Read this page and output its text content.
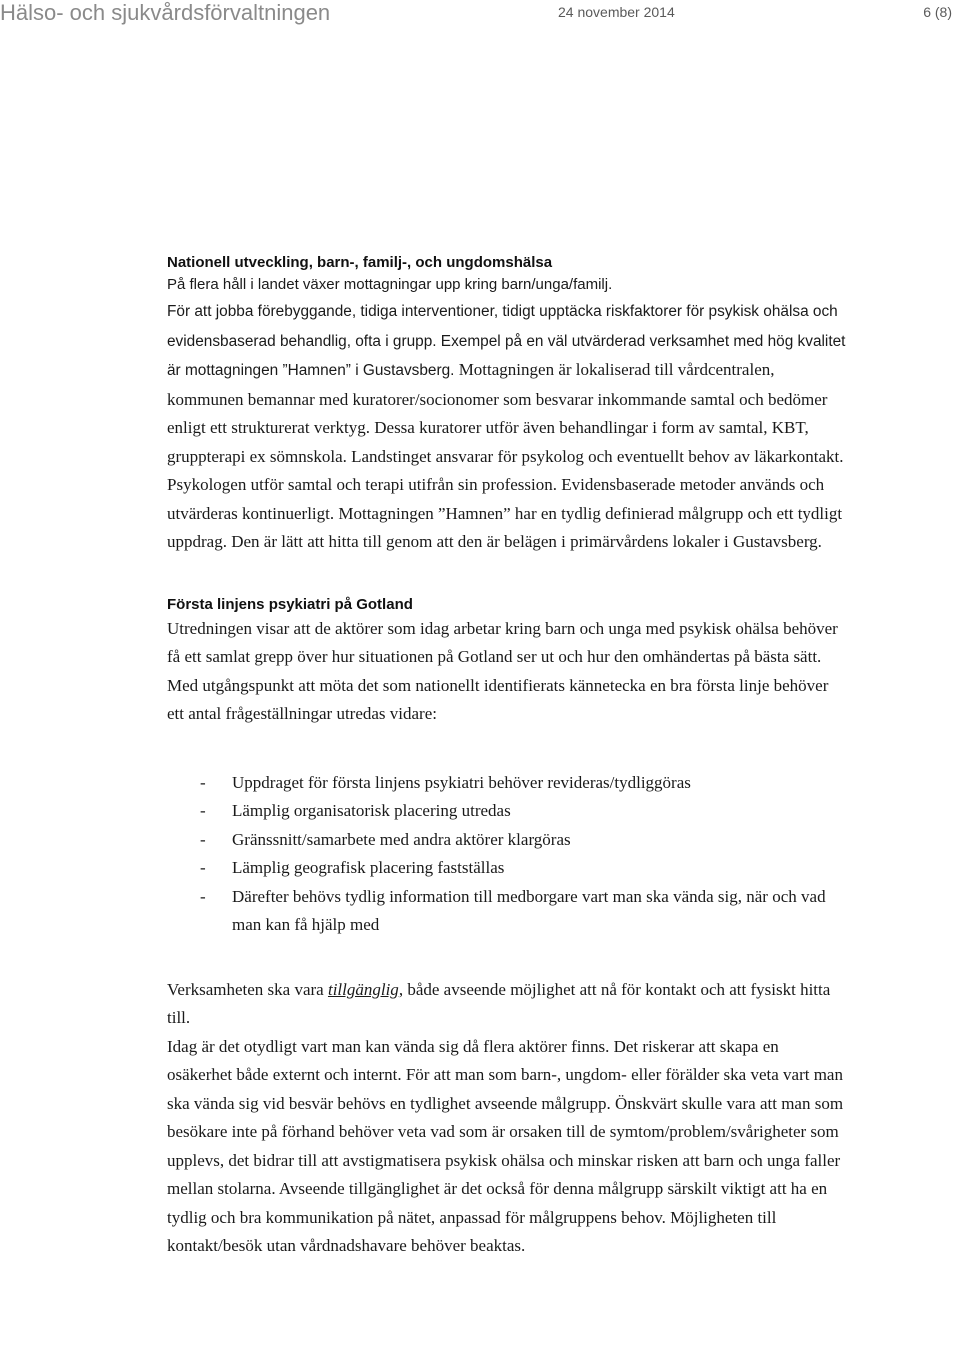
Hälso- och sjukvårdsförvaltningen	24 november 2014	6 (8)
Nationell utveckling, barn-, familj-, och ungdomshälsa

På flera håll i landet växer mottagningar upp kring barn/unga/familj.
För att jobba förebyggande, tidiga interventioner, tidigt upptäcka riskfaktorer för psykisk ohälsa och evidensbaserad behandlig, ofta i grupp. Exempel på en väl utvärderad verksamhet med hög kvalitet är mottagningen ”Hamnen” i Gustavsberg. Mottagningen är lokaliserad till vårdcentralen, kommunen bemannar med kuratorer/socionomer som besvarar inkommande samtal och bedömer enligt ett strukturerat verktyg. Dessa kuratorer utför även behandlingar i form av samtal, KBT, gruppterapi ex sömnskola. Landstinget ansvarar för psykolog och eventuellt behov av läkarkontakt. Psykologen utför samtal och terapi utifrån sin profession. Evidensbaserade metoder används och utvärderas kontinuerligt. Mottagningen ”Hamnen” har en tydlig definierad målgrupp och ett tydligt uppdrag. Den är lätt att hitta till genom att den är belägen i primärvårdens lokaler i Gustavsberg.

Första linjens psykiatri på Gotland

Utredningen visar att de aktörer som idag arbetar kring barn och unga med psykisk ohälsa behöver få ett samlat grepp över hur situationen på Gotland ser ut och hur den omhändertas på bästa sätt. Med utgångspunkt att möta det som nationellt identifierats kännetecka en bra första linje behöver ett antal frågeställningar utredas vidare:

- Uppdraget för första linjens psykiatri behöver revideras/tydliggöras
- Lämplig organisatorisk placering utredas
- Gränssnitt/samarbete med andra aktörer klargöras
- Lämplig geografisk placering fastställas
- Därefter behövs tydlig information till medborgare vart man ska vända sig, när och vad man kan få hjälp med

Verksamheten ska vara tillgänglig, både avseende möjlighet att nå för kontakt och att fysiskt hitta till.

Idag är det otydligt vart man kan vända sig då flera aktörer finns. Det riskerar att skapa en osäkerhet både externt och internt. För att man som barn-, ungdom- eller förälder ska veta vart man ska vända sig vid besvär behövs en tydlighet avseende målgrupp. Önskvärt skulle vara att man som besökare inte på förhand behöver veta vad som är orsaken till de symtom/problem/svårigheter som upplevs, det bidrar till att avstigmatisera psykisk ohälsa och minskar risken att barn och unga faller mellan stolarna. Avseende tillgänglighet är det också för denna målgrupp särskilt viktigt att ha en tydlig och bra kommunikation på nätet, anpassad för målgruppens behov. Möjligheten till kontakt/besök utan vårdnadshavare behöver beaktas.
